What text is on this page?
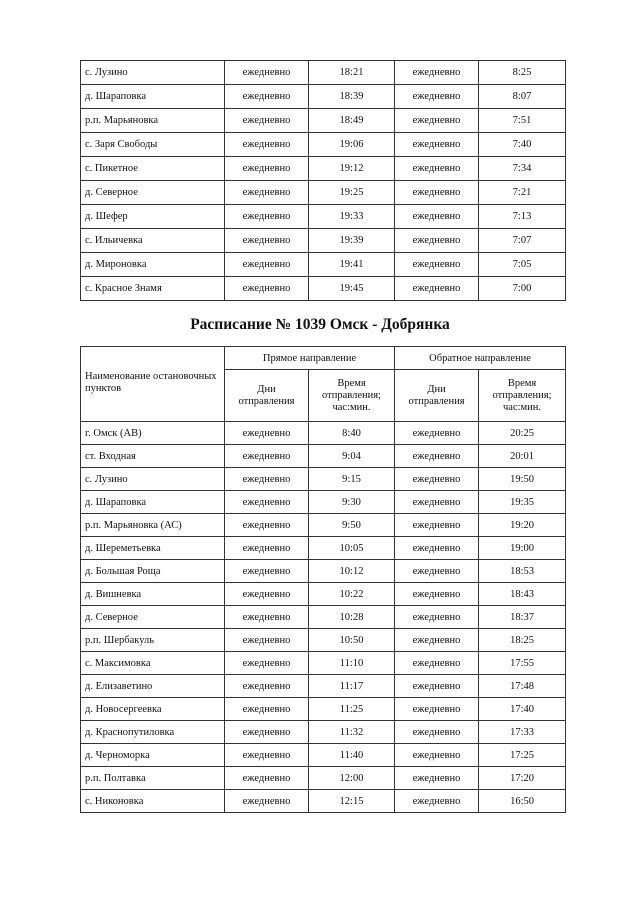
с. Лузино	ежедневно	18:21	ежедневно	8:25
д. Шараповка	ежедневно	18:39	ежедневно	8:07
р.п. Марьяновка	ежедневно	18:49	ежедневно	7:51
с. Заря Свободы	ежедневно	19:06	ежедневно	7:40
с. Пикетное	ежедневно	19:12	ежедневно	7:34
д. Северное	ежедневно	19:25	ежедневно	7:21
д. Шефер	ежедневно	19:33	ежедневно	7:13
с. Ильичевка	ежедневно	19:39	ежедневно	7:07
д. Мироновка	ежедневно	19:41	ежедневно	7:05
с. Красное Знамя	ежедневно	19:45	ежедневно	7:00
Расписание № 1039 Омск - Добрянка
Наименование остановочных пунктов	Прямое направление		Обратное направление	
	Дни отправления	Время отправления; час:мин.	Дни отправления	Время отправления; час:мин.
г. Омск (АВ)	ежедневно	8:40	ежедневно	20:25
ст. Входная	ежедневно	9:04	ежедневно	20:01
с. Лузино	ежедневно	9:15	ежедневно	19:50
д. Шараповка	ежедневно	9:30	ежедневно	19:35
р.п. Марьяновка (АС)	ежедневно	9:50	ежедневно	19:20
д. Шереметьевка	ежедневно	10:05	ежедневно	19:00
д. Большая Роща	ежедневно	10:12	ежедневно	18:53
д. Вишневка	ежедневно	10:22	ежедневно	18:43
д. Северное	ежедневно	10:28	ежедневно	18:37
р.п. Шербакуль	ежедневно	10:50	ежедневно	18:25
с. Максимовка	ежедневно	11:10	ежедневно	17:55
д. Елизаветино	ежедневно	11:17	ежедневно	17:48
д. Новосергеевка	ежедневно	11:25	ежедневно	17:40
д. Краснопутиловка	ежедневно	11:32	ежедневно	17:33
д. Черноморка	ежедневно	11:40	ежедневно	17:25
р.п. Полтавка	ежедневно	12:00	ежедневно	17:20
с. Никоновка	ежедневно	12:15	ежедневно	16:50
